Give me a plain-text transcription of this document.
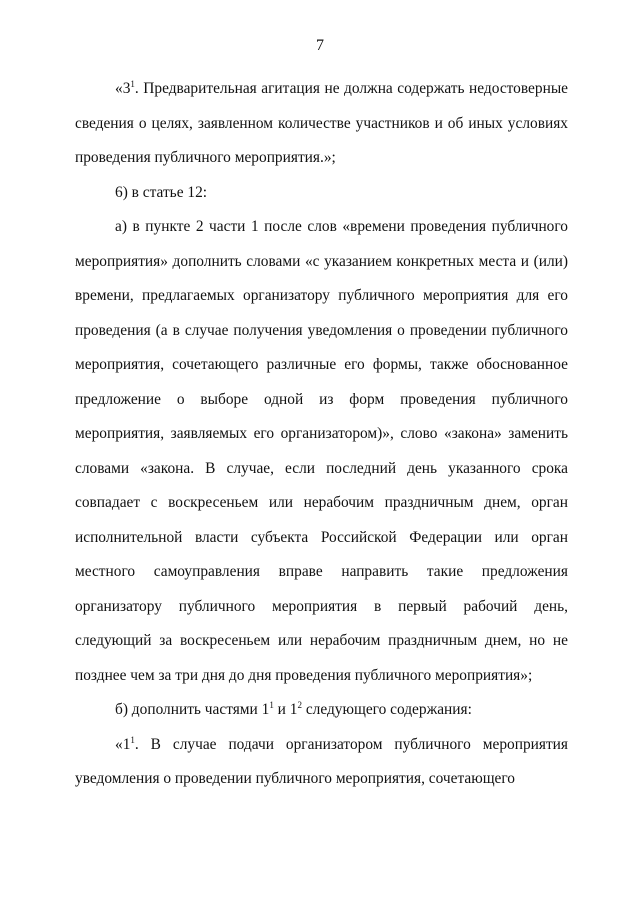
7

«$3^1$. Предварительная агитация не должна содержать недостоверные сведения о целях, заявленном количестве участников и об иных условиях проведения публичного мероприятия.»;

6) в статье 12:

а) в пункте 2 части 1 после слов «времени проведения публичного мероприятия» дополнить словами «с указанием конкретных места и (или) времени, предлагаемых организатору публичного мероприятия для его проведения (а в случае получения уведомления о проведении публичного мероприятия, сочетающего различные его формы, также обоснованное предложение о выборе одной из форм проведения публичного мероприятия, заявляемых его организатором)», слово «закона» заменить словами «закона. В случае, если последний день указанного срока совпадает с воскресеньем или нерабочим праздничным днем, орган исполнительной власти субъекта Российской Федерации или орган местного самоуправления вправе направить такие предложения организатору публичного мероприятия в первый рабочий день, следующий за воскресеньем или нерабочим праздничным днем, но не позднее чем за три дня до дня проведения публичного мероприятия»;

б) дополнить частями $1^1$ и $1^2$ следующего содержания:

«$1^1$. В случае подачи организатором публичного мероприятия уведомления о проведении публичного мероприятия, сочетающего
